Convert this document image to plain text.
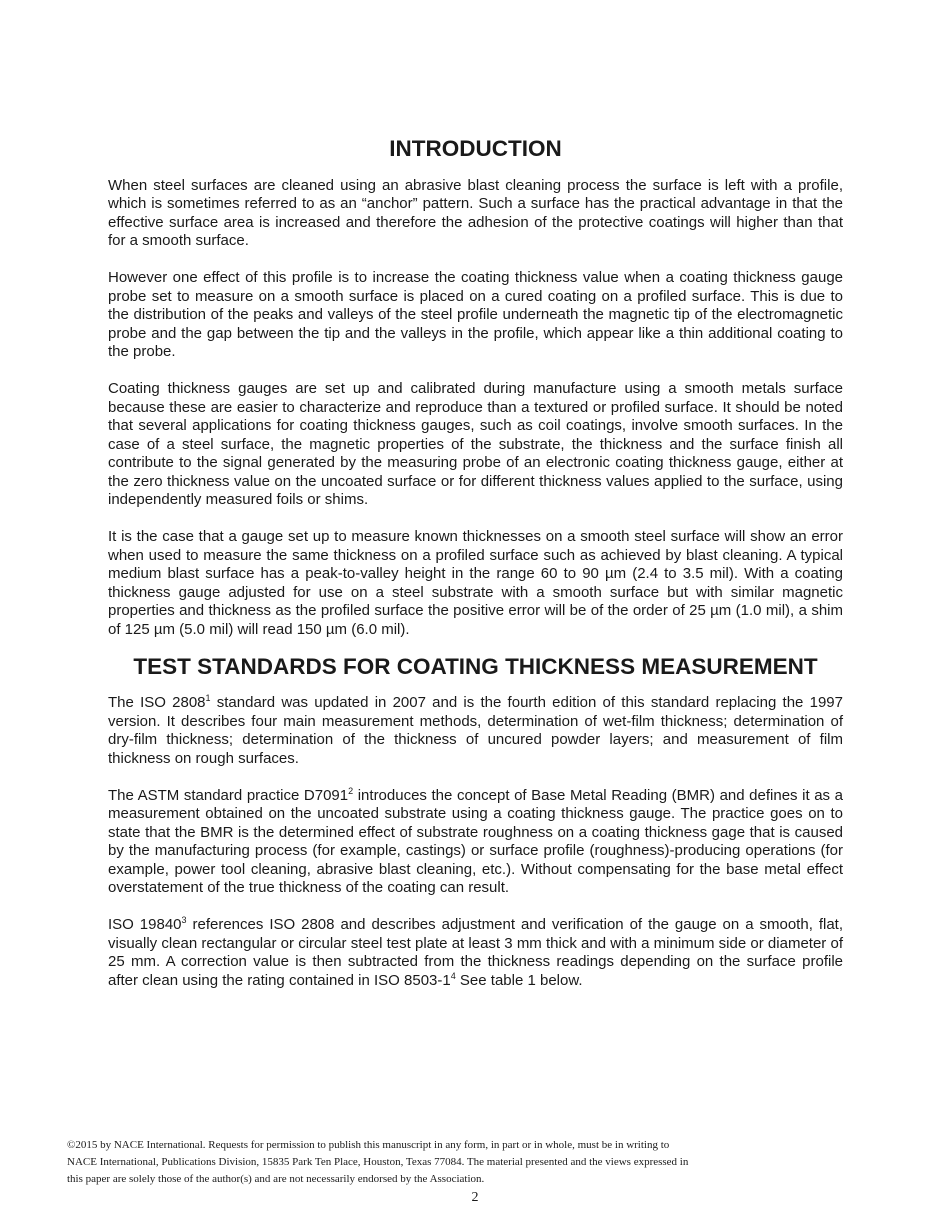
INTRODUCTION

When steel surfaces are cleaned using an abrasive blast cleaning process the surface is left with a profile, which is sometimes referred to as an “anchor” pattern. Such a surface has the practical advantage in that the effective surface area is increased and therefore the adhesion of the protective coatings will higher than that for a smooth surface.

However one effect of this profile is to increase the coating thickness value when a coating thickness gauge probe set to measure on a smooth surface is placed on a cured coating on a profiled surface. This is due to the distribution of the peaks and valleys of the steel profile underneath the magnetic tip of the electromagnetic probe and the gap between the tip and the valleys in the profile, which appear like a thin additional coating to the probe.

Coating thickness gauges are set up and calibrated during manufacture using a smooth metals surface because these are easier to characterize and reproduce than a textured or profiled surface. It should be noted that several applications for coating thickness gauges, such as coil coatings, involve smooth surfaces. In the case of a steel surface, the magnetic properties of the substrate, the thickness and the surface finish all contribute to the signal generated by the measuring probe of an electronic coating thickness gauge, either at the zero thickness value on the uncoated surface or for different thickness values applied to the surface, using independently measured foils or shims.

It is the case that a gauge set up to measure known thicknesses on a smooth steel surface will show an error when used to measure the same thickness on a profiled surface such as achieved by blast cleaning. A typical medium blast surface has a peak-to-valley height in the range 60 to 90 µm (2.4 to 3.5 mil). With a coating thickness gauge adjusted for use on a steel substrate with a smooth surface but with similar magnetic properties and thickness as the profiled surface the positive error will be of the order of 25 µm (1.0 mil), a shim of 125 µm (5.0 mil) will read 150 µm (6.0 mil).

TEST STANDARDS FOR COATING THICKNESS MEASUREMENT

The ISO 2808$^1$ standard was updated in 2007 and is the fourth edition of this standard replacing the 1997 version. It describes four main measurement methods, determination of wet-film thickness; determination of dry-film thickness; determination of the thickness of uncured powder layers; and measurement of film thickness on rough surfaces.

The ASTM standard practice D7091$^2$ introduces the concept of Base Metal Reading (BMR) and defines it as a measurement obtained on the uncoated substrate using a coating thickness gauge. The practice goes on to state that the BMR is the determined effect of substrate roughness on a coating thickness gage that is caused by the manufacturing process (for example, castings) or surface profile (roughness)-producing operations (for example, power tool cleaning, abrasive blast cleaning, etc.). Without compensating for the base metal effect overstatement of the true thickness of the coating can result.

ISO 19840$^3$ references ISO 2808 and describes adjustment and verification of the gauge on a smooth, flat, visually clean rectangular or circular steel test plate at least 3 mm thick and with a minimum side or diameter of 25 mm. A correction value is then subtracted from the thickness readings depending on the surface profile after clean using the rating contained in ISO $8503-1^4$ See table 1 below.

©2015 by NACE International. Requests for permission to publish this manuscript in any form, in part or in whole, must be in writing to

NACE International, Publications Division, 15835 Park Ten Place, Houston, Texas 77084. The material presented and the views expressed in

this paper are solely those of the author(s) and are not necessarily endorsed by the Association.

2
